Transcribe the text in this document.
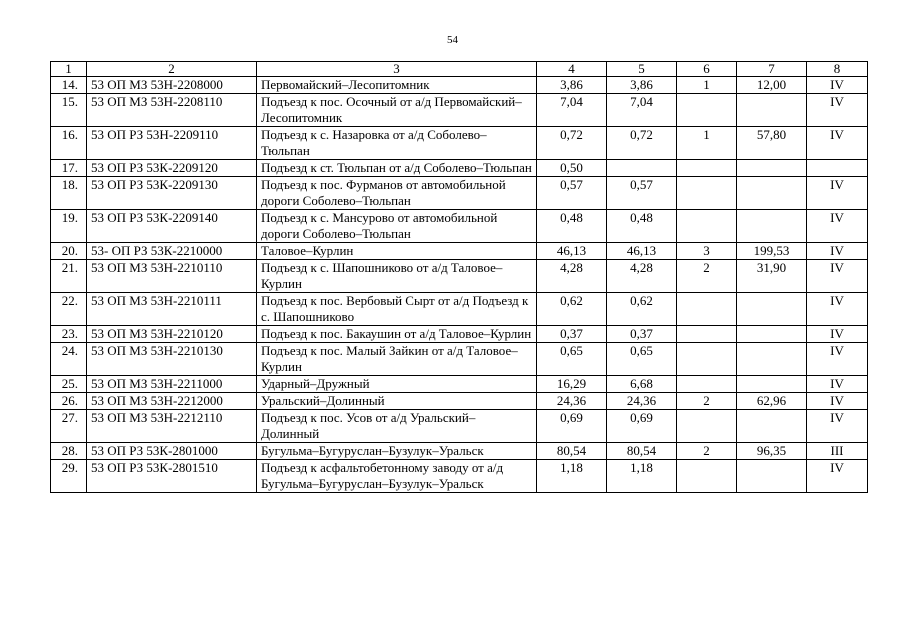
54
1	2	3	4	5	6	7	8
14.	53 ОП МЗ 53Н-2208000	Первомайский–Лесопитомник	3,86	3,86	1	12,00	IV
15.	53 ОП МЗ 53Н-2208110	Подъезд к пос. Осочный от а/д Первомайский–Лесопитомник	7,04	7,04			IV
16.	53 ОП РЗ 53Н-2209110	Подъезд к с. Назаровка от а/д Соболево–Тюльпан	0,72	0,72	1	57,80	IV
17.	53 ОП РЗ 53К-2209120	Подъезд к ст. Тюльпан от а/д Соболево–Тюльпан	0,50				
18.	53 ОП РЗ 53К-2209130	Подъезд к пос. Фурманов от автомобильной дороги Соболево–Тюльпан	0,57	0,57			IV
19.	53 ОП РЗ 53К-2209140	Подъезд к с. Мансурово от автомобильной дороги Соболево–Тюльпан	0,48	0,48			IV
20.	53- ОП РЗ 53К-2210000	Таловое–Курлин	46,13	46,13	3	199,53	IV
21.	53 ОП МЗ 53Н-2210110	Подъезд к с. Шапошниково от а/д Таловое–Курлин	4,28	4,28	2	31,90	IV
22.	53 ОП МЗ 53Н-2210111	Подъезд к пос. Вербовый Сырт от а/д Подъезд к с. Шапошниково	0,62	0,62			IV
23.	53 ОП МЗ 53Н-2210120	Подъезд к пос. Бакаушин от а/д Таловое–Курлин	0,37	0,37			IV
24.	53 ОП МЗ 53Н-2210130	Подъезд к пос. Малый Зайкин от а/д Таловое–Курлин	0,65	0,65			IV
25.	53 ОП МЗ 53Н-2211000	Ударный–Дружный	16,29	6,68			IV
26.	53 ОП МЗ 53Н-2212000	Уральский–Долинный	24,36	24,36	2	62,96	IV
27.	53 ОП МЗ 53Н-2212110	Подъезд к пос. Усов от а/д Уральский–Долинный	0,69	0,69			IV
28.	53 ОП РЗ 53К-2801000	Бугульма–Бугуруслан–Бузулук–Уральск	80,54	80,54	2	96,35	III
29.	53 ОП РЗ 53К-2801510	Подъезд к асфальтобетонному заводу от а/д Бугульма–Бугуруслан–Бузулук–Уральск	1,18	1,18			IV
